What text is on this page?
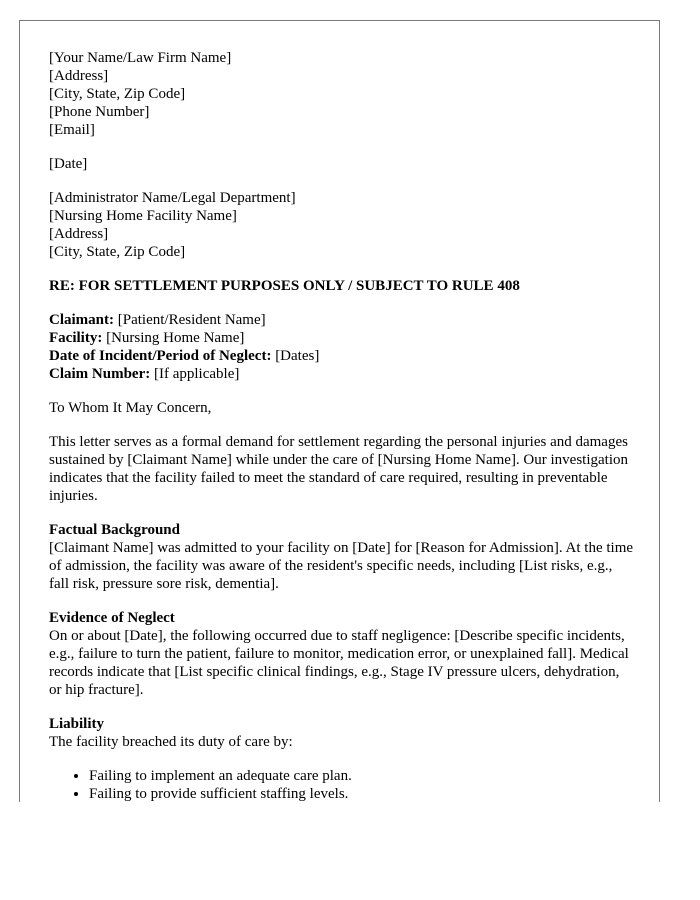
[Your Name/Law Firm Name]
[Address]
[City, State, Zip Code]
[Phone Number]
[Email]

[Date]

[Administrator Name/Legal Department]
[Nursing Home Facility Name]
[Address]
[City, State, Zip Code]

RE: FOR SETTLEMENT PURPOSES ONLY / SUBJECT TO RULE 408

Claimant: [Patient/Resident Name]
Facility: [Nursing Home Name]
Date of Incident/Period of Neglect: [Dates]
Claim Number: [If applicable]

To Whom It May Concern,

This letter serves as a formal demand for settlement regarding the personal injuries and damages sustained by [Claimant Name] while under the care of [Nursing Home Name]. Our investigation indicates that the facility failed to meet the standard of care required, resulting in preventable injuries.

Factual Background
[Claimant Name] was admitted to your facility on [Date] for [Reason for Admission]. At the time of admission, the facility was aware of the resident's specific needs, including [List risks, e.g., fall risk, pressure sore risk, dementia].

Evidence of Neglect
On or about [Date], the following occurred due to staff negligence: [Describe specific incidents, e.g., failure to turn the patient, failure to monitor, medication error, or unexplained fall]. Medical records indicate that [List specific clinical findings, e.g., Stage IV pressure ulcers, dehydration, or hip fracture].

Liability
The facility breached its duty of care by:

• Failing to implement an adequate care plan.
• Failing to provide sufficient staffing levels.
